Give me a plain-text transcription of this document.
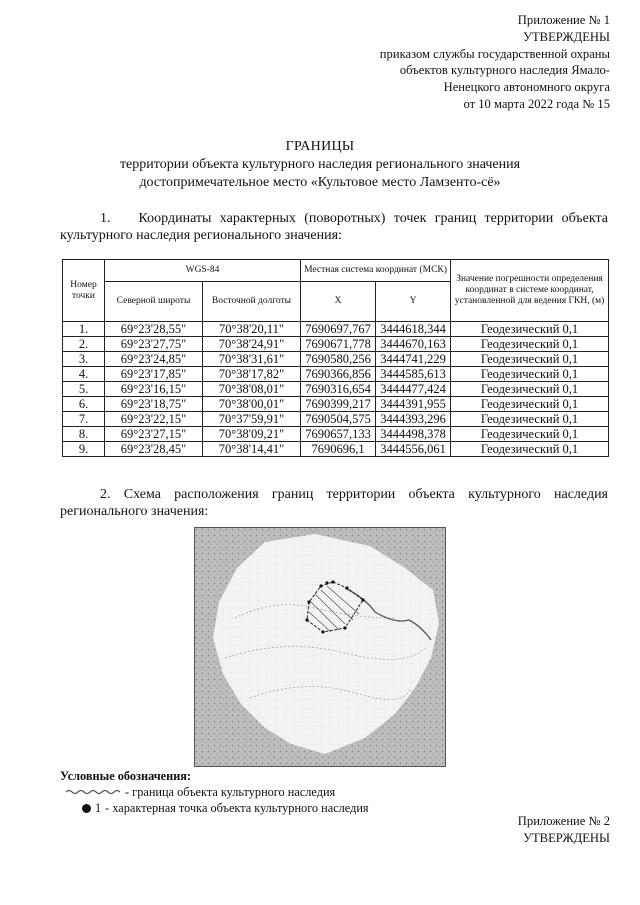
Приложение № 1
УТВЕРЖДЕНЫ
приказом службы государственной охраны
объектов культурного наследия Ямало-
Ненецкого автономного округа
от 10 марта 2022 года № 15
ГРАНИЦЫ
территории объекта культурного наследия регионального значения
достопримечательное место «Культовое место Ламзенто-сё»
1. Координаты характерных (поворотных) точек границ территории объекта культурного наследия регионального значения:
Номер точки	WGS-84		Местная система координат (МСК)		Значение погрешности определения координат в системе координат, установленной для ведения ГКН, (м)
	Северной широты	Восточной долготы	X	Y	
1.	69°23'28,55"	70°38'20,11"	7690697,767	3444618,344	Геодезический 0,1
2.	69°23'27,75"	70°38'24,91"	7690671,778	3444670,163	Геодезический 0,1
3.	69°23'24,85"	70°38'31,61"	7690580,256	3444741,229	Геодезический 0,1
4.	69°23'17,85"	70°38'17,82"	7690366,856	3444585,613	Геодезический 0,1
5.	69°23'16,15"	70°38'08,01"	7690316,654	3444477,424	Геодезический 0,1
6.	69°23'18,75"	70°38'00,01"	7690399,217	3444391,955	Геодезический 0,1
7.	69°23'22,15"	70°37'59,91"	7690504,575	3444393,296	Геодезический 0,1
8.	69°23'27,15"	70°38'09,21"	7690657,133	3444498,378	Геодезический 0,1
9.	69°23'28,45"	70°38'14,41"	7690696,1	3444556,061	Геодезический 0,1
2. Схема расположения границ территории объекта культурного наследия регионального значения:
Условные обозначения:
- граница объекта культурного наследия
1 - характерная точка объекта культурного наследия
Приложение № 2
УТВЕРЖДЕНЫ
